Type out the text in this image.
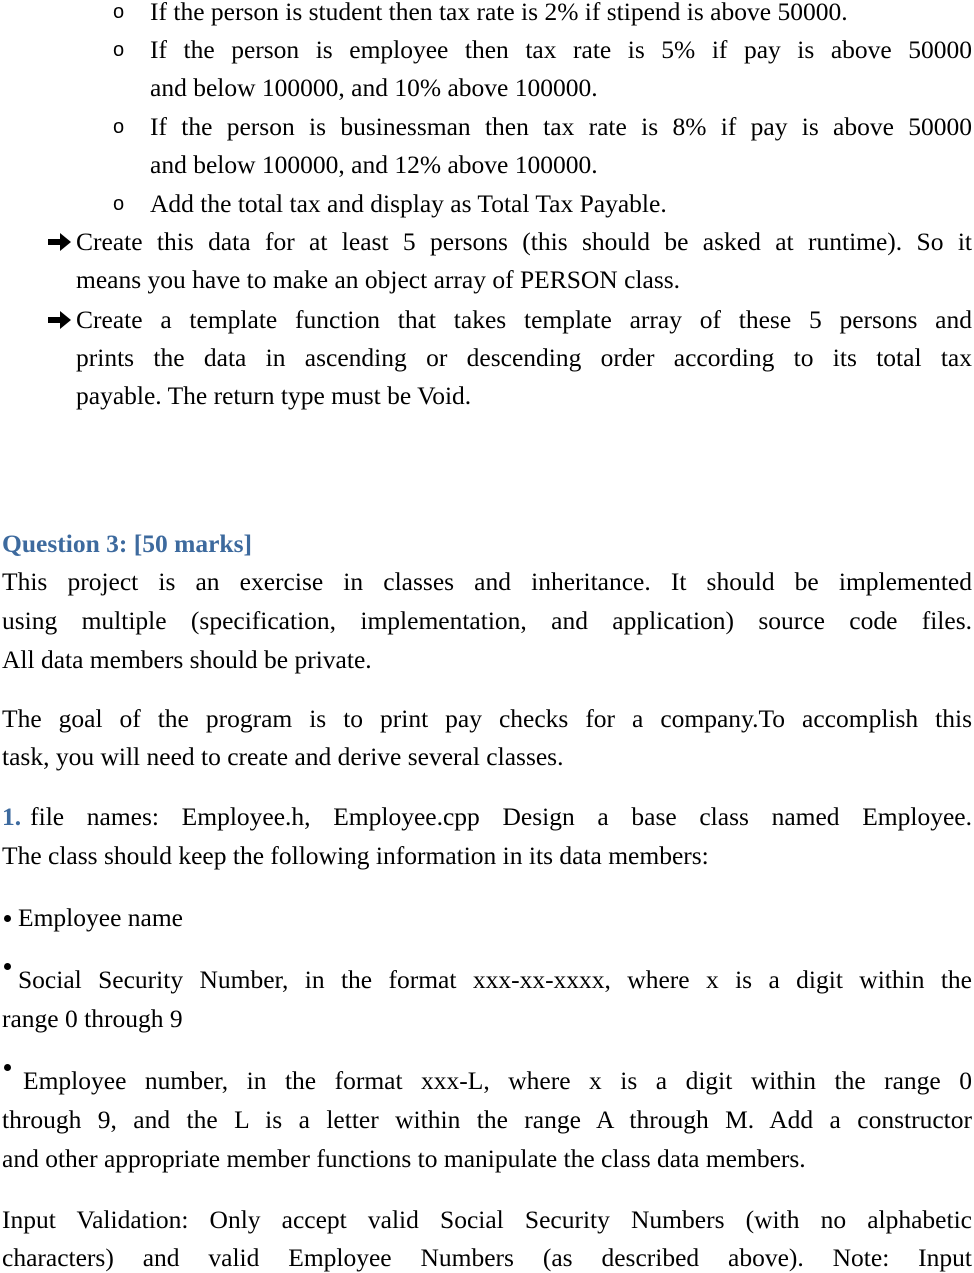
o If the person is student then tax rate is 2% if stipend is above 50000.
o If the person is employee then tax rate is 5% if pay is above 50000
and below 100000, and 10% above 100000.
o If the person is businessman then tax rate is 8% if pay is above 50000
and below 100000, and 12% above 100000.
o Add the total tax and display as Total Tax Payable.
Create this data for at least 5 persons (this should be asked at runtime). So it
means you have to make an object array of PERSON class.
Create a template function that takes template array of these 5 persons and
prints the data in ascending or descending order according to its total tax
payable. The return type must be Void.
Question 3: [50 marks]
This project is an exercise in classes and inheritance. It should be implemented
using multiple (specification, implementation, and application) source code files.
All data members should be private.
The goal of the program is to print pay checks for a company.To accomplish this
task, you will need to create and derive several classes.
1. file names: Employee.h, Employee.cpp Design a base class named Employee.
The class should keep the following information in its data members:
Employee name
Social Security Number, in the format xxx-xx-xxxx, where x is a digit within the
range 0 through 9
Employee number, in the format xxx-L, where x is a digit within the range 0
through 9, and the L is a letter within the range A through M. Add a constructor
and other appropriate member functions to manipulate the class data members.
Input Validation: Only accept valid Social Security Numbers (with no alphabetic
characters) and valid Employee Numbers (as described above). Note: Input
